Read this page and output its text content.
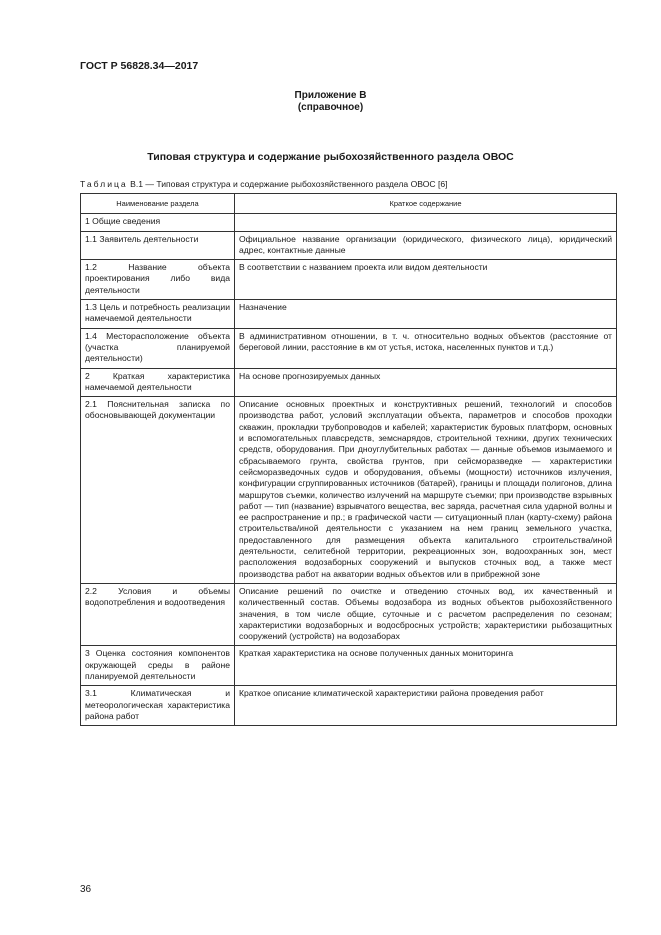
ГОСТ Р 56828.34—2017
Приложение В
(справочное)
Типовая структура и содержание рыбохозяйственного раздела ОВОС
Таблица В.1 — Типовая структура и содержание рыбохозяйственного раздела ОВОС [6]
Наименование раздела	Краткое содержание
1 Общие сведения	
1.1 Заявитель деятельности	Официальное название организации (юридического, физического лица), юридический адрес, контактные данные
1.2 Название объекта проектирования либо вида деятельности	В соответствии с названием проекта или видом деятельности
1.3 Цель и потребность реализации намечаемой деятельности	Назначение
1.4 Месторасположение объекта (участка планируемой деятельности)	В административном отношении, в т. ч. относительно водных объектов (расстояние от береговой линии, расстояние в км от устья, истока, населенных пунктов и т.д.)
2 Краткая характеристика намечаемой деятельности	На основе прогнозируемых данных
2.1 Пояснительная записка по обосновывающей документации	Описание основных проектных и конструктивных решений, технологий и способов производства работ, условий эксплуатации объекта, параметров и способов проходки скважин, прокладки трубопроводов и кабелей; характеристик буровых платформ, основных и вспомогательных плавсредств, земснарядов, строительной техники, других технических средств, оборудования. При дноуглубительных работах — данные объемов изымаемого и сбрасываемого грунта, свойства грунтов, при сейсморазведке — характеристики сейсморазведочных судов и оборудования, объемы (мощности) источников излучения, конфигурации сгруппированных источников (батарей), границы и площади полигонов, длина маршрутов съемки, количество излучений на маршруте съемки; при производстве взрывных работ — тип (название) взрывчатого вещества, вес заряда, расчетная сила ударной волны и ее распространение и пр.; в графической части — ситуационный план (карту-схему) района строительства/иной деятельности с указанием на нем границ земельного участка, предоставленного для размещения объекта капитального строительства/иной деятельности, селитебной территории, рекреационных зон, водоохранных зон, мест расположения водозаборных сооружений и выпусков сточных вод, а также мест производства работ на акватории водных объектов или в прибрежной зоне
2.2 Условия и объемы водопотребления и водоотведения	Описание решений по очистке и отведению сточных вод, их качественный и количественный состав. Объемы водозабора из водных объектов рыбохозяйственного значения, в том числе общие, суточные и с расчетом распределения по сезонам; характеристики водозаборных и водосбросных устройств; характеристики рыбозащитных сооружений (устройств) на водозаборах
3 Оценка состояния компонентов окружающей среды в районе планируемой деятельности	Краткая характеристика на основе полученных данных мониторинга
3.1 Климатическая и метеорологическая характеристика района работ	Краткое описание климатической характеристики района проведения работ
36
